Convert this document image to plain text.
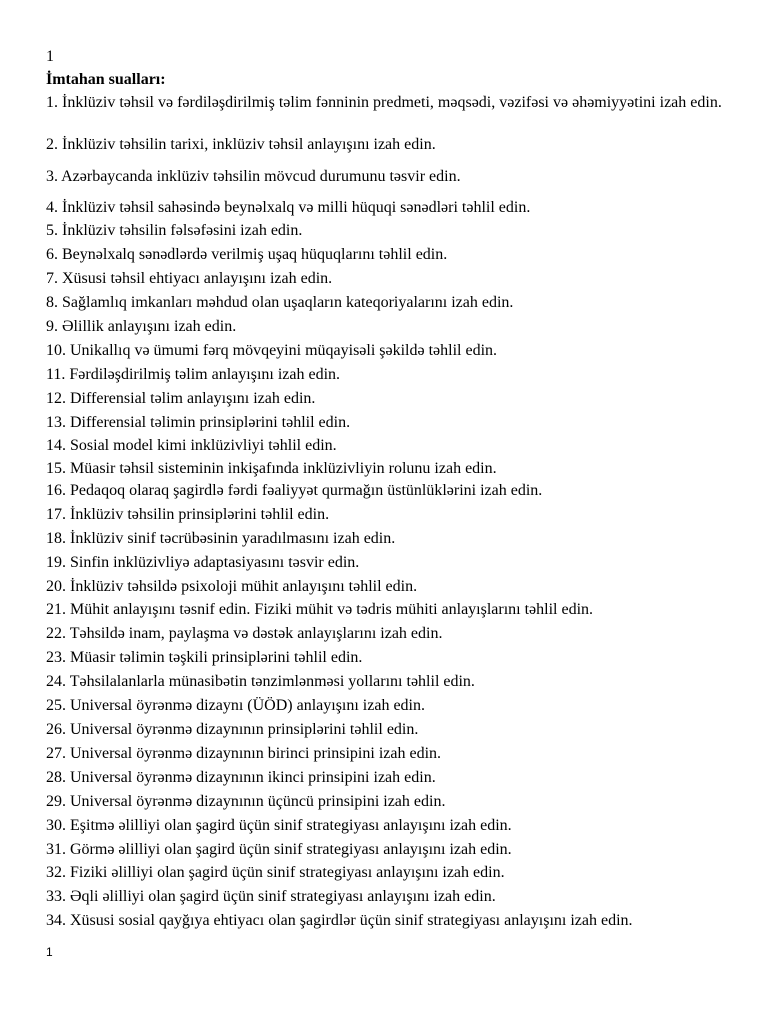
1
İmtahan sualları:
1. İnklüziv təhsil və fərdiləşdirilmiş təlim fənninin predmeti, məqsədi, vəzifəsi və əhəmiyyətini izah edin.
2. İnklüziv təhsilin tarixi, inklüziv təhsil anlayışını izah edin.
3. Azərbaycanda inklüziv təhsilin mövcud durumunu təsvir edin.
4. İnklüziv təhsil sahəsində beynəlxalq və milli hüquqi sənədləri təhlil edin.
5. İnklüziv təhsilin fəlsəfəsini izah edin.
6. Beynəlxalq sənədlərdə verilmiş uşaq hüquqlarını təhlil edin.
7. Xüsusi təhsil ehtiyacı anlayışını izah edin.
8. Sağlamlıq imkanları məhdud olan uşaqların kateqoriyalarını izah edin.
9. Əlillik anlayışını izah edin.
10. Unikallıq və ümumi fərq mövqeyini müqayisəli şəkildə təhlil edin.
11. Fərdiləşdirilmiş təlim anlayışını izah edin.
12. Differensial təlim anlayışını izah edin.
13. Differensial təlimin prinsiplərini təhlil edin.
14. Sosial model kimi inklüzivliyi təhlil edin.
15. Müasir təhsil sisteminin inkişafında inklüzivliyin rolunu izah edin.
16. Pedaqoq olaraq şagirdlə fərdi fəaliyyət qurmağın üstünlüklərini izah edin.
17. İnklüziv təhsilin prinsiplərini təhlil edin.
18. İnklüziv sinif təcrübəsinin yaradılmasını izah edin.
19. Sinfin inklüzivliyə adaptasiyasını təsvir edin.
20. İnklüziv təhsildə psixoloji mühit anlayışını təhlil edin.
21. Mühit anlayışını təsnif edin. Fiziki mühit və tədris mühiti anlayışlarını təhlil edin.
22. Təhsildə inam, paylaşma və dəstək anlayışlarını izah edin.
23. Müasir təlimin təşkili prinsiplərini təhlil edin.
24. Təhsilalanlarla münasibətin tənzimlənməsi yollarını təhlil edin.
25. Universal öyrənmə dizaynı (ÜÖD) anlayışını izah edin.
26. Universal öyrənmə dizaynının prinsiplərini təhlil edin.
27. Universal öyrənmə dizaynının birinci prinsipini izah edin.
28. Universal öyrənmə dizaynının ikinci prinsipini izah edin.
29. Universal öyrənmə dizaynının üçüncü prinsipini izah edin.
30. Eşitmə əlilliyi olan şagird üçün sinif strategiyası anlayışını izah edin.
31. Görmə əlilliyi olan şagird üçün sinif strategiyası anlayışını izah edin.
32. Fiziki əlilliyi olan şagird üçün sinif strategiyası anlayışını izah edin.
33. Əqli əlilliyi olan şagird üçün sinif strategiyası anlayışını izah edin.
34. Xüsusi sosial qayğıya ehtiyacı olan şagirdlər üçün sinif strategiyası anlayışını izah edin.
1
